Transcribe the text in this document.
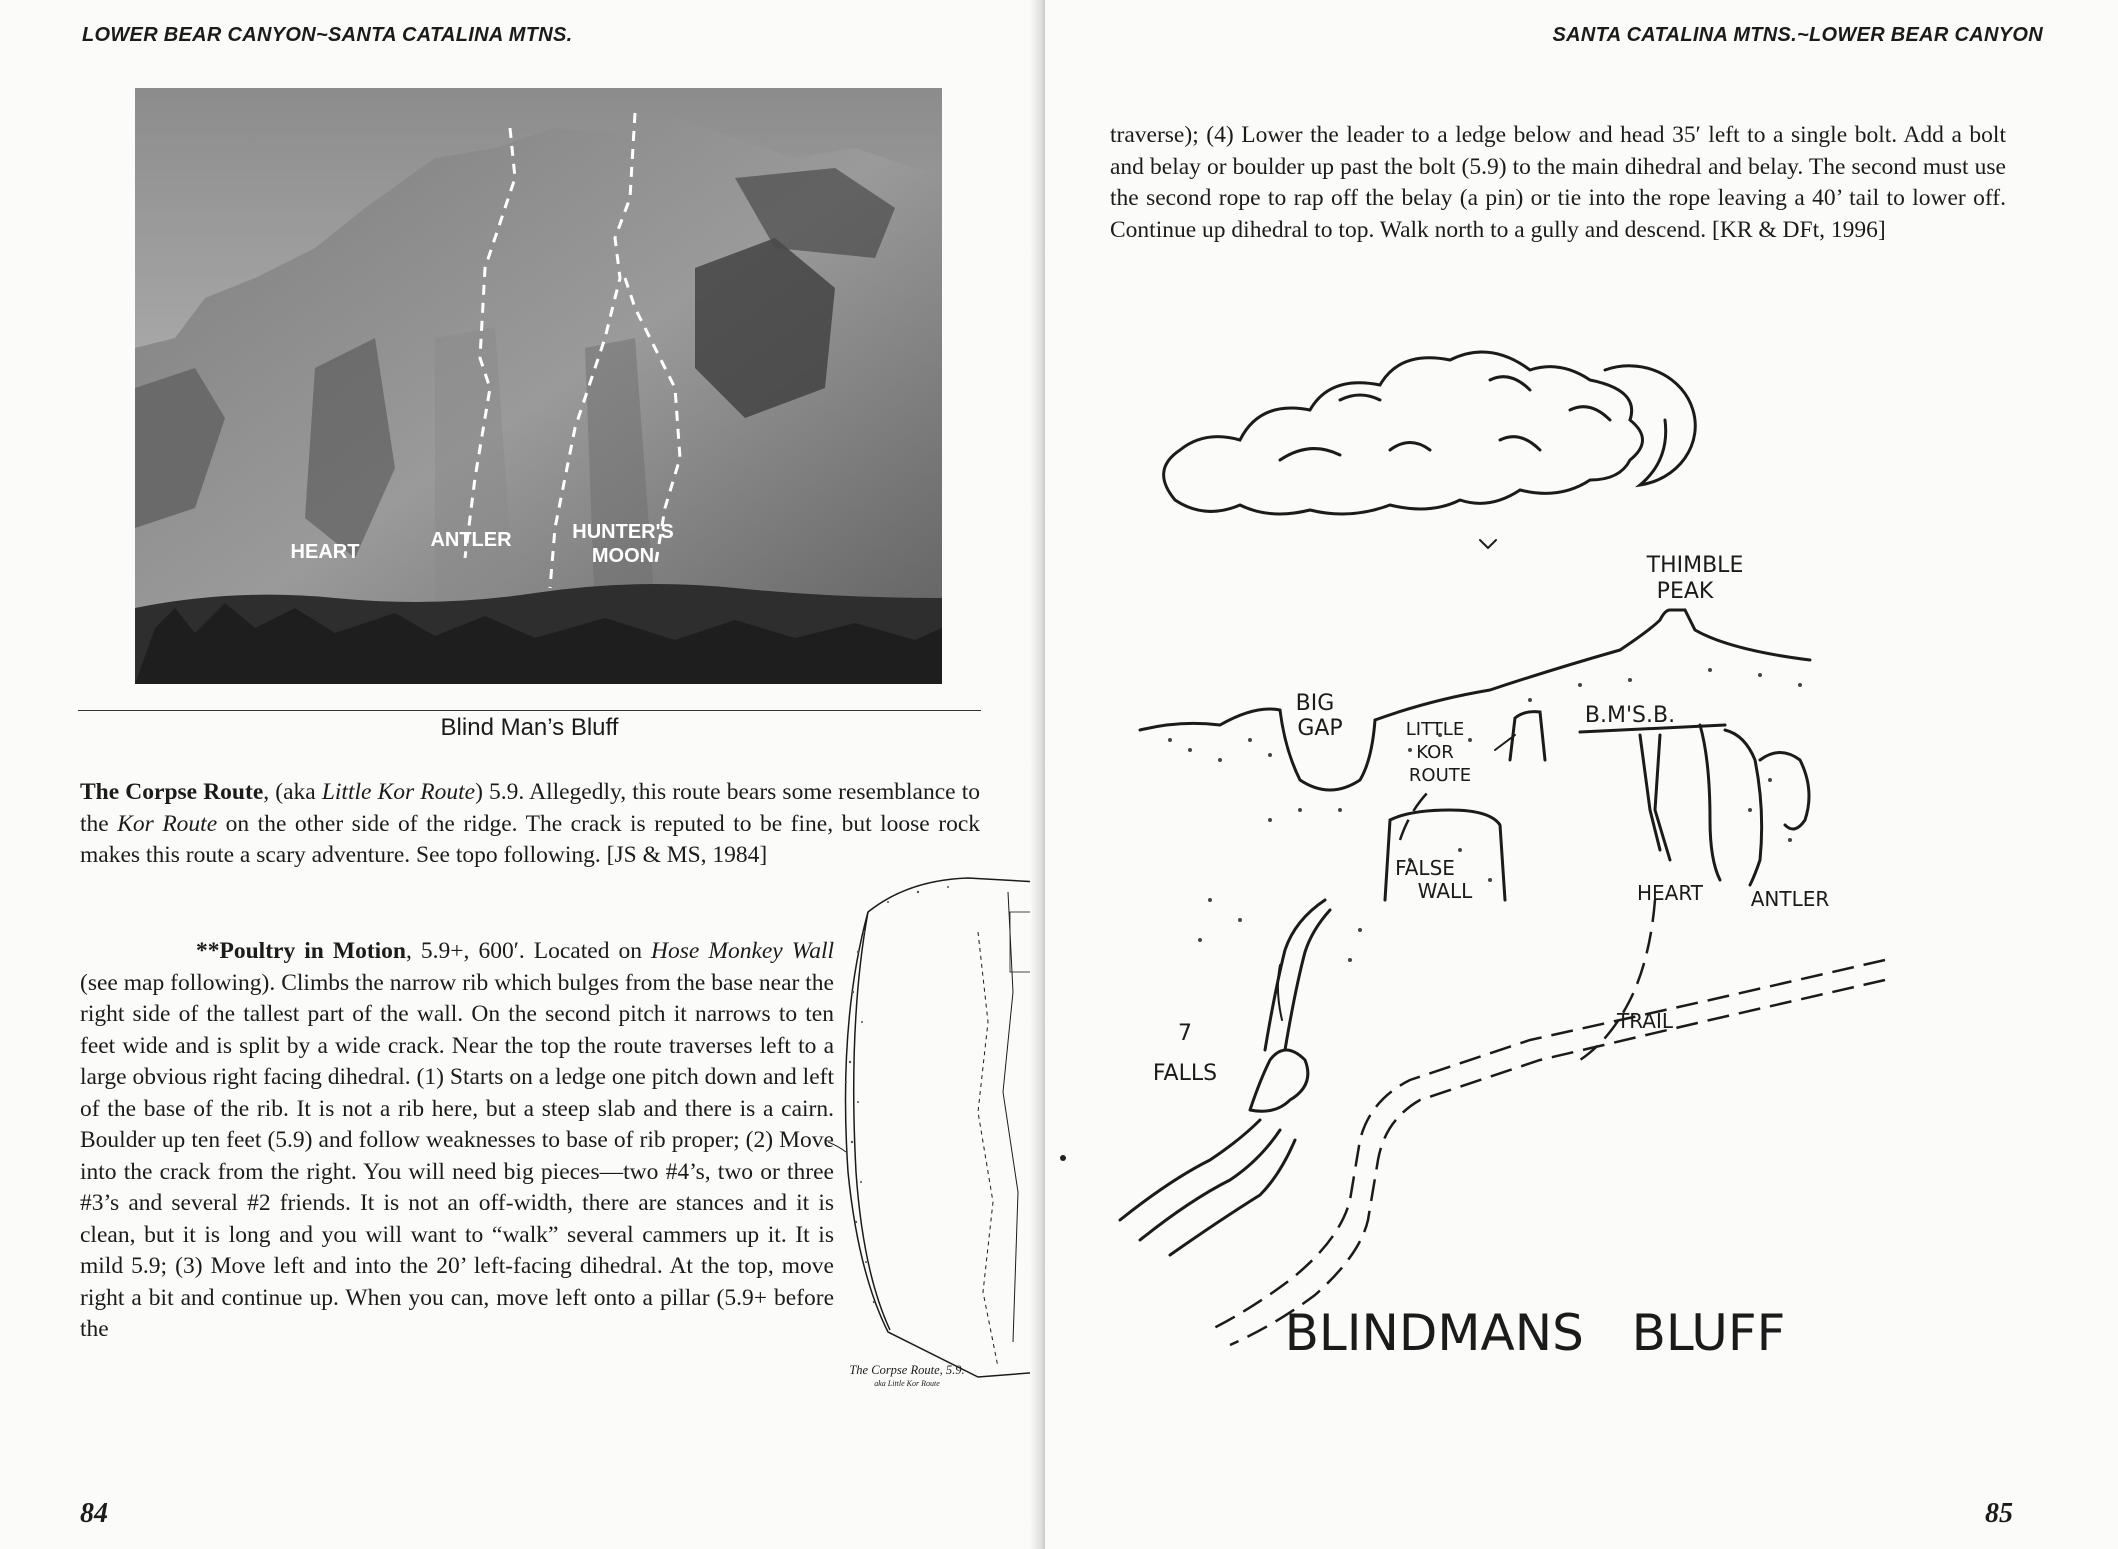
LOWER BEAR CANYON~SANTA CATALINA MTNS.
HEART
ANTLER	HUNTER'S
MOON
Blind Man’s Bluff

The Corpse Route, (aka Little Kor Route) 5.9. Allegedly, this route bears some resemblance to the Kor Route on the other side of the ridge. The crack is reputed to be fine, but loose rock makes this route a scary adventure. See topo following. [JS & MS, 1984]

**Poultry in Motion, 5.9+, 600′. Located on Hose Monkey Wall (see map following). Climbs the narrow rib which bulges from the base near the right side of the tallest part of the wall. On the second pitch it narrows to ten feet wide and is split by a wide crack. Near the top the route traverses left to a large obvious right facing dihedral. (1) Starts on a ledge one pitch down and left of the base of the rib. It is not a rib here, but a steep slab and there is a cairn. Boulder up ten feet (5.9) and follow weaknesses to base of rib proper; (2) Move into the crack from the right. You will need big pieces—two #4’s, two or three #3’s and several #2 friends. It is not an off-width, there are stances and it is clean, but it is long and you will want to “walk” several cammers up it. It is mild 5.9; (3) Move left and into the 20’ left-facing dihedral. At the top, move right a bit and continue up. When you can, move left onto a pillar (5.9+ before the

The Corpse Route, 5.9.
aka Little Kor Route
84
SANTA CATALINA MTNS.~LOWER BEAR CANYON

traverse); (4) Lower the leader to a ledge below and head 35′ left to a single bolt. Add a bolt and belay or boulder up past the bolt (5.9) to the main dihedral and belay. The second must use the second rope to rap off the belay (a pin) or tie into the rope leaving a 40’ tail to lower off. Continue up dihedral to top. Walk north to a gully and descend. [KR & DFt, 1996]

THIMBLE
PEAK
BIG
GAP	LITTLE
KOR
ROUTE
B.M'S.B.
FALSE
WALL	HEART ANTLER
7
FALLS
TRAIL
BLINDMANS   BLUFF
85
